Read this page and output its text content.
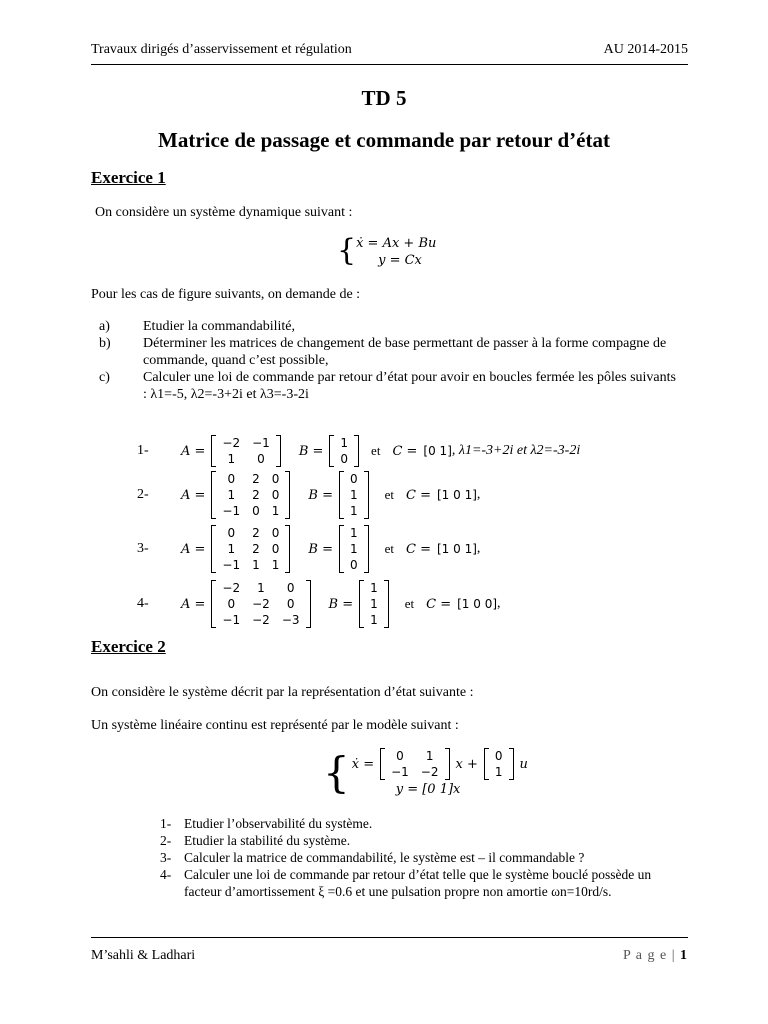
Travaux dirigés d’asservissement et régulation	AU 2014-2015
TD 5
Matrice de passage et commande par retour d’état
Exercice 1
On considère un système dynamique suivant :
{ ẋ = Ax + Bu
y = Cx
Pour les cas de figure suivants, on demande de :
a)	Etudier la commandabilité,
b)	Déterminer les matrices de changement de base permettant de passer à la forme compagne de commande, quand c’est possible,
c)	Calculer une loi de commande par retour d’état pour avoir en boucles fermée les pôles suivants : λ1=-5, λ2=-3+2i et λ3=-3-2i
1-	A =
−2	−1
1	0
B =
1
0
et C = [0 1] , λ1=-3+2i et λ2=-3-2i
2-	A =
0	2	0
1	2	0
−1	0	1
B =
0
1
1
et C = [1 0 1] ,
3-	A =
0	2	0
1	2	0
−1	1	1
B =
1
1
0
et C = [1 0 1] ,
4-	A =
−2	1	0
0	−2	0
−1	−2	−3
B =
1
1
1
et C = [1 0 0] ,
Exercice 2
On considère le système décrit par la représentation d’état suivante :
Un système linéaire continu est représenté par le modèle suivant :
{ ẋ =
0	1
−1	−2
x +
0
1
u
y = [0 1]x
1- Etudier l’observabilité du système.
2- Etudier la stabilité du système.
3- Calculer la matrice de commandabilité, le système est – il commandable ?
4- Calculer une loi de commande par retour d’état telle que le système bouclé possède un facteur d’amortissement ξ =0.6 et une pulsation propre non amortie ωn=10rd/s.
M’sahli & Ladhari	P a g e | 1
